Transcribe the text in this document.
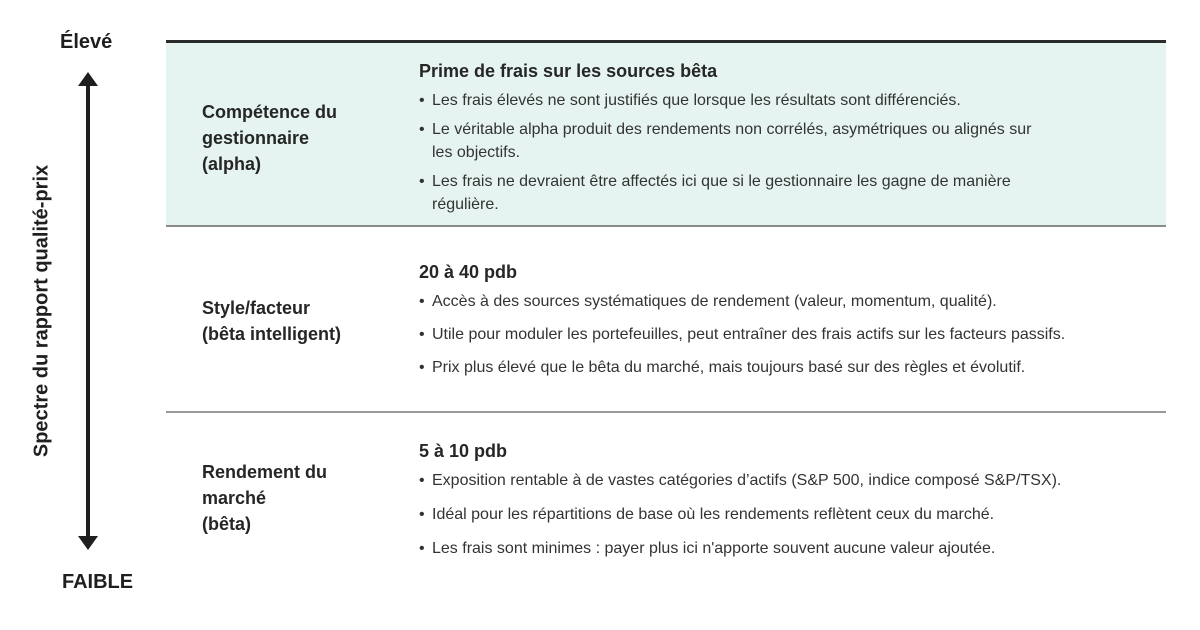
Élevé
Spectre du rapport qualité-prix
FAIBLE
Compétence du
gestionnaire
(alpha)
Prime de frais sur les sources bêta
• Les frais élevés ne sont justifiés que lorsque les résultats sont différenciés.
• Le véritable alpha produit des rendements non corrélés, asymétriques ou alignés sur les objectifs.
• Les frais ne devraient être affectés ici que si le gestionnaire les gagne de manière régulière.
Style/facteur
(bêta intelligent)
20 à 40 pdb
• Accès à des sources systématiques de rendement (valeur, momentum, qualité).
• Utile pour moduler les portefeuilles, peut entraîner des frais actifs sur les facteurs passifs.
• Prix plus élevé que le bêta du marché, mais toujours basé sur des règles et évolutif.
Rendement du
marché
(bêta)
5 à 10 pdb
• Exposition rentable à de vastes catégories d’actifs (S&P 500, indice composé S&P/TSX).
• Idéal pour les répartitions de base où les rendements reflètent ceux du marché.
• Les frais sont minimes : payer plus ici n'apporte souvent aucune valeur ajoutée.
